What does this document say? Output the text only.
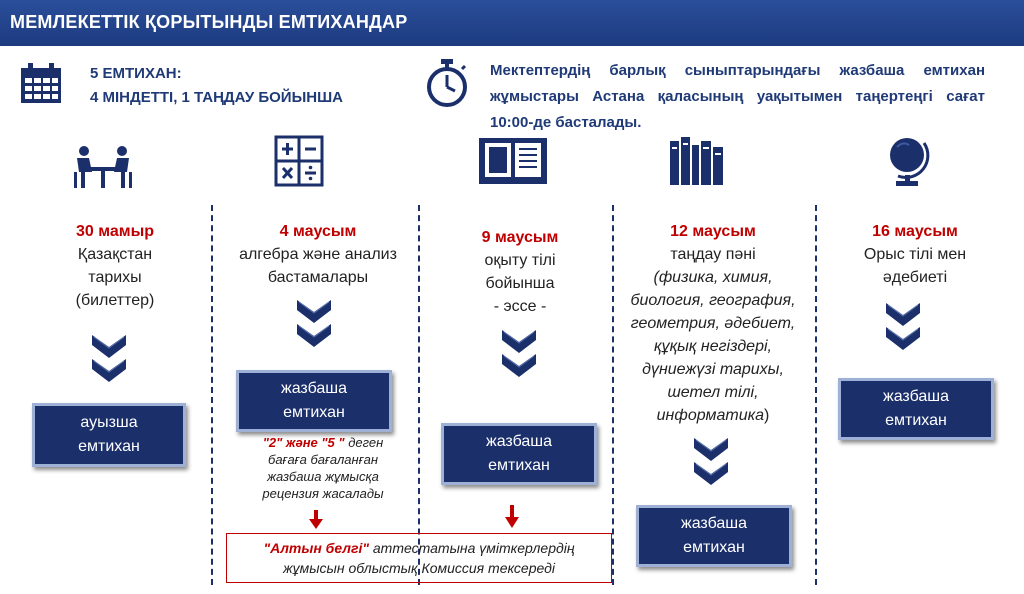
МЕМЛЕКЕТТІК ҚОРЫТЫНДЫ ЕМТИХАНДАР
5 ЕМТИХАН:
4 МІНДЕТТІ, 1 ТАҢДАУ БОЙЫНША
Мектептердің барлық сыныптарындағы жазбаша емтихан жұмыстары Астана қаласының уақытымен таңертеңгі сағат 10:00-де басталады.
30 мамыр
Қазақстан
тарихы
(билеттер)
4 маусым
алгебра және анализ
бастамалары
9 маусым
оқыту тілі
бойынша
- эссе -
12 маусым
таңдау пәні
(физика, химия,
биология, география,
геометрия, әдебиет,
құқық негіздері,
дүниежүзі тарихы,
шетел тілі,
информатика)
16 маусым
Орыс тілі мен
әдебиеті
ауызша
емтихан
жазбаша
емтихан
жазбаша
емтихан
жазбаша
емтихан
жазбаша
емтихан
"2" және "5 " деген
бағаға бағаланған
жазбаша жұмысқа
рецензия жасалады
"Алтын белгі" аттестатына үміткерлердің
жұмысын облыстық Комиссия тексереді
